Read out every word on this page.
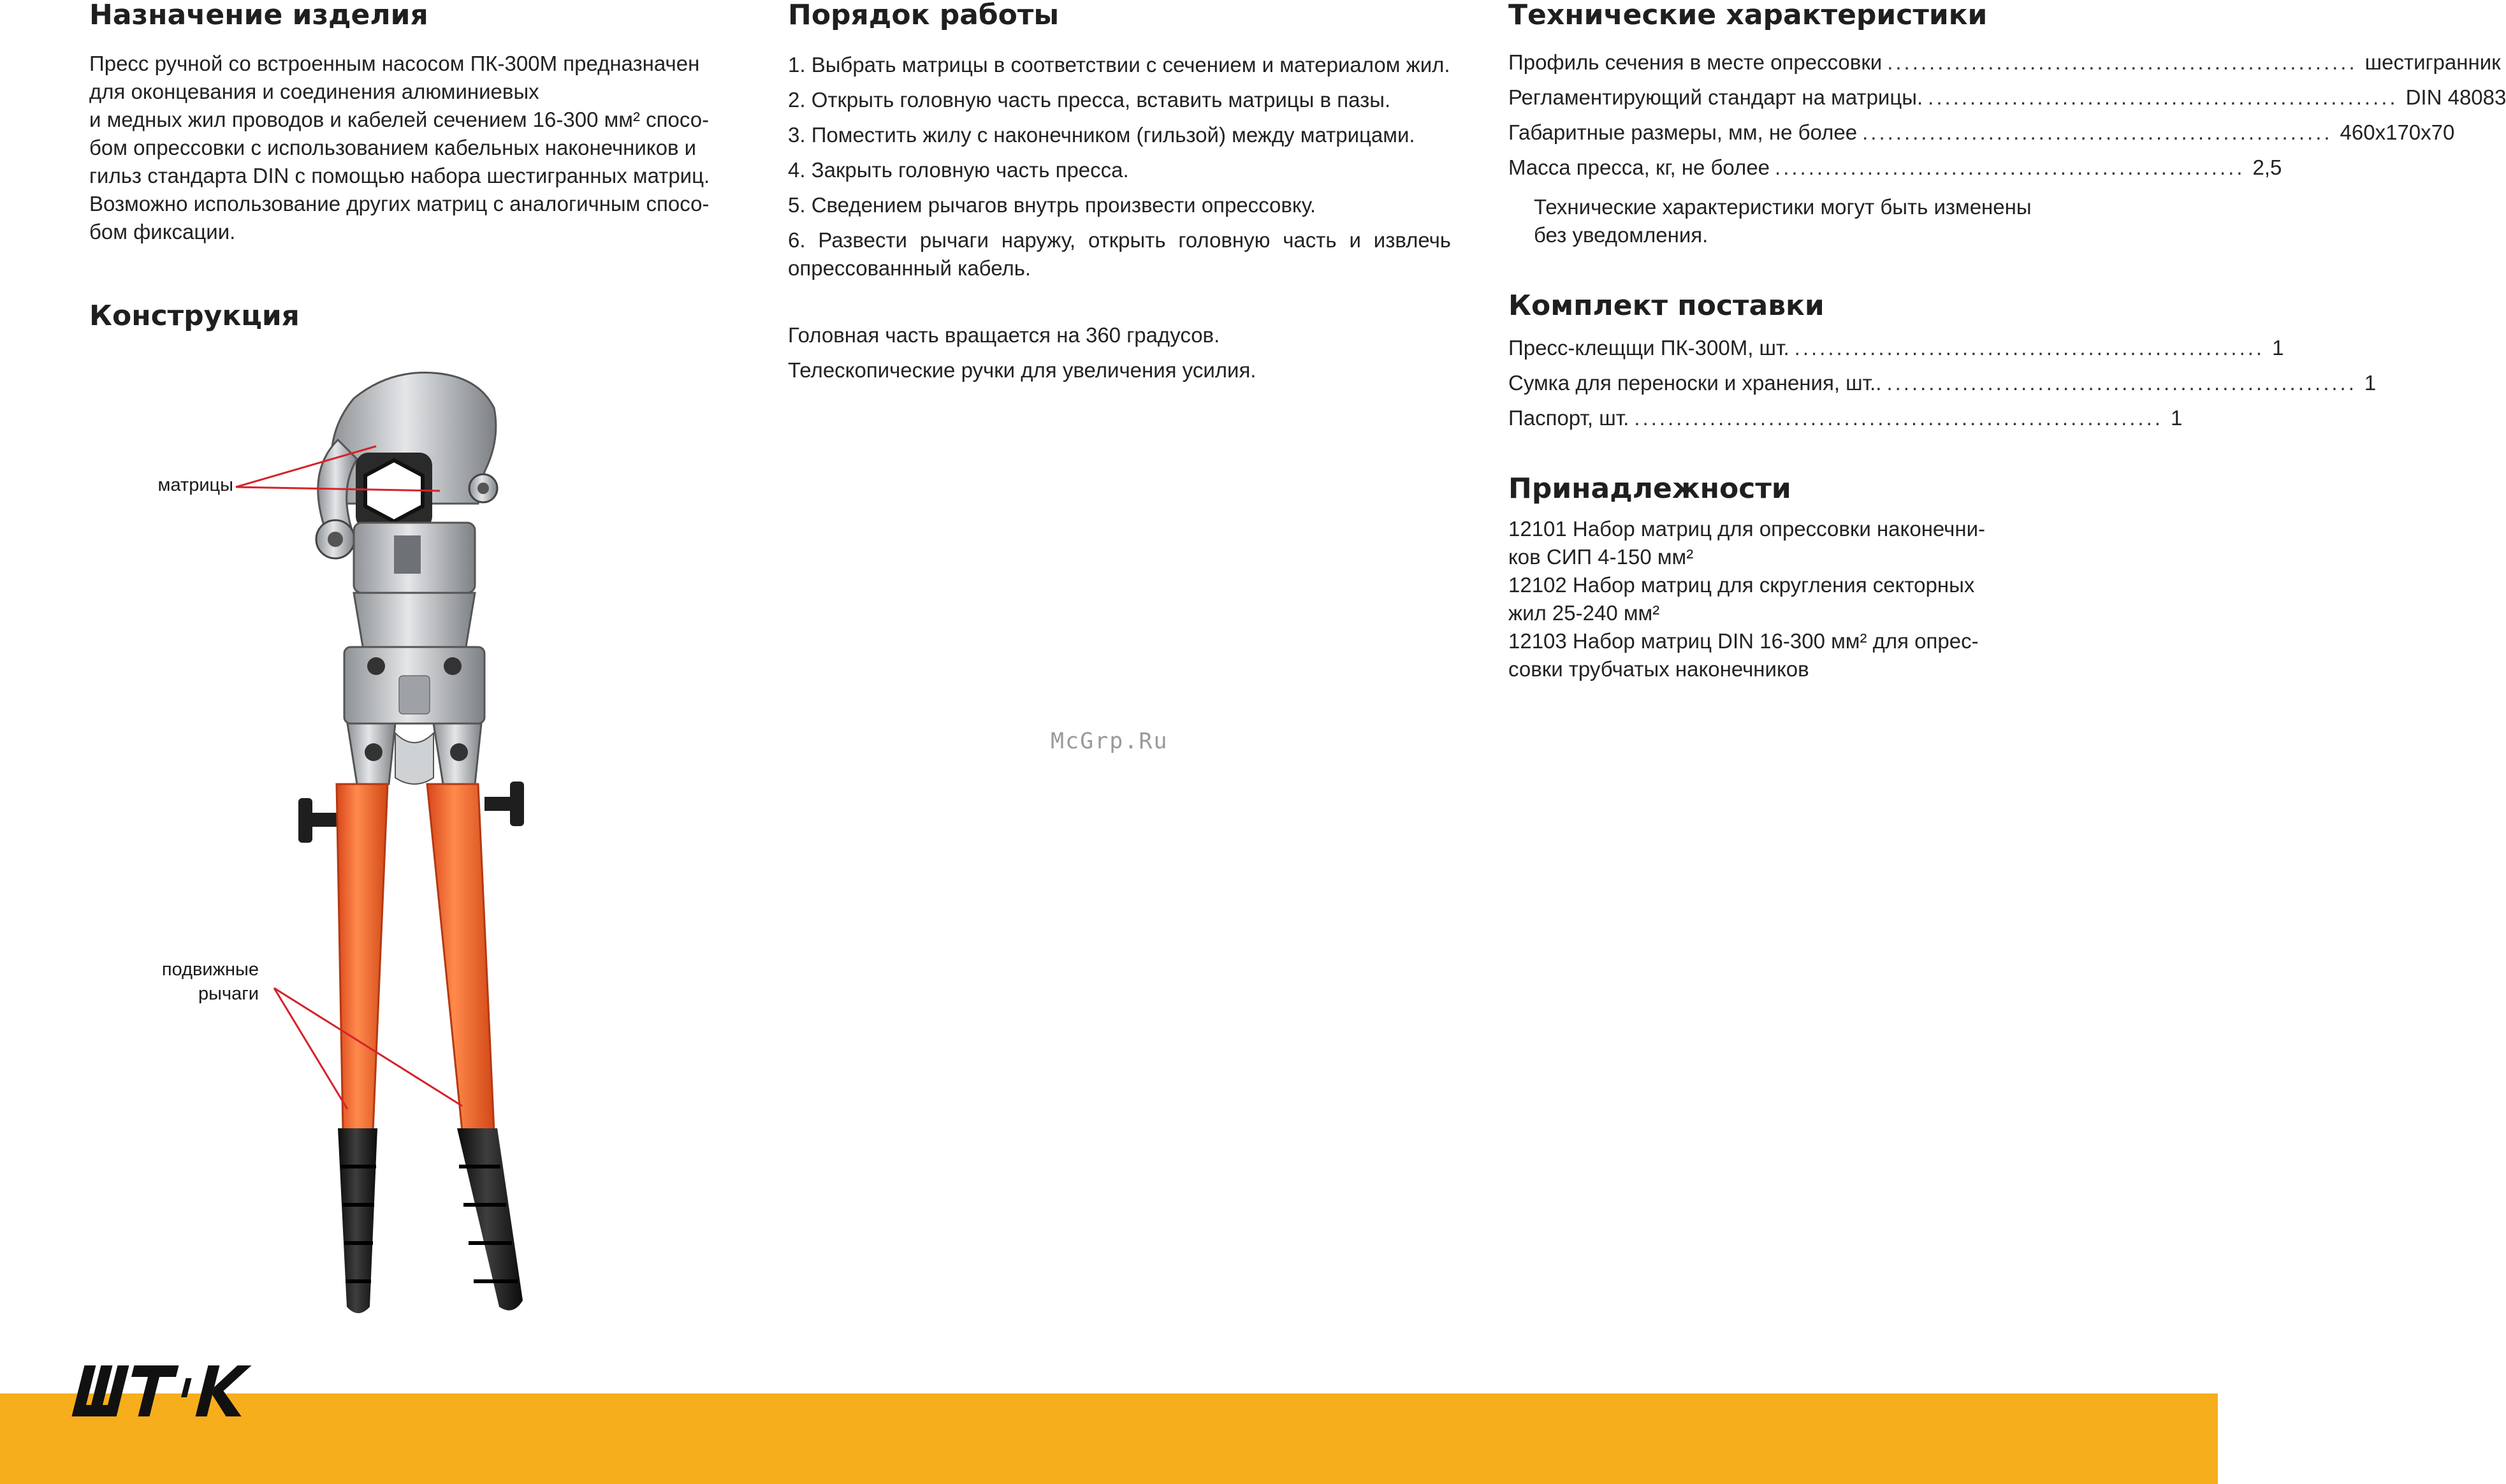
Назначение изделия

Пресс ручной со встроенным насосом ПК-300М предназначен

для оконцевания и соединения алюминиевых

и медных жил проводов и кабелей сечением 16-300 мм² спосо-

бом опрессовки с использованием кабельных наконечников и

гильз стандарта DIN с помощью набора шестигранных матриц.

Возможно использование других матриц с аналогичным спосо-

бом фиксации.

Конструкция
матрицы
подвижные
рычаги
Порядок работы
1. Выбрать матрицы в соответствии с сечением и материалом жил.
2. Открыть головную часть пресса, вставить матрицы в пазы.
3. Поместить жилу с наконечником (гильзой) между матрицами.
4. Закрыть головную часть пресса.
5. Сведением рычагов внутрь произвести опрессовку.
6. Развести рычаги наружу, открыть головную часть и извлечь
опрессованнный кабель.
Головная часть вращается на 360 градусов.
Телескопические ручки для увеличения усилия.
Технические характеристики
Профиль сечения в месте опрессовки ........................................................ шестигранник
Регламентирующий стандарт на матрицы. ........................................................ DIN 48083
Габаритные размеры, мм, не более ........................................................ 460x170x70
Масса пресса, кг, не более ........................................................ 2,5
Технические характеристики могут быть изменены
без уведомления.
Комплект поставки
Пресс-клещщи ПК-300М, шт. ........................................................ 1
Сумка для переноски и хранения, шт.. ........................................................ 1
Паспорт, шт. ............................................................... 1
Принадлежности

12101 Набор матриц для опрессовки наконечни-

ков СИП 4-150 мм²

12102 Набор матриц для скругления секторных

жил 25-240 мм²

12103 Набор матриц DIN 16-300 мм² для опрес-

совки трубчатых наконечников

McGrp.Ru
